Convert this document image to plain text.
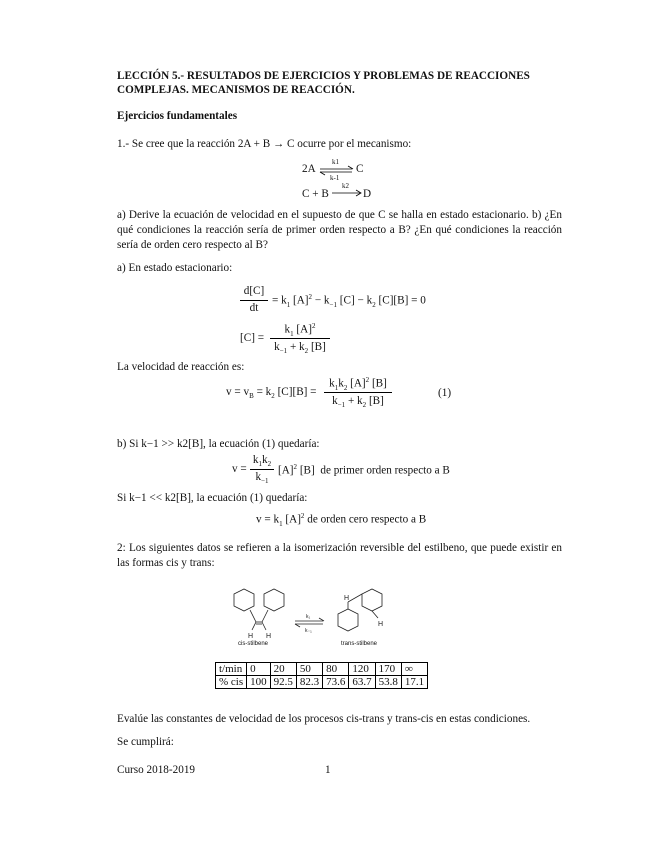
LECCIÓN 5.- RESULTADOS DE EJERCICIOS Y PROBLEMAS DE REACCIONES COMPLEJAS. MECANISMOS DE REACCIÓN.
Ejercicios fundamentales
1.- Se cree que la reacción 2A + B → C ocurre por el mecanismo:
2A ⇌
k1
k-1
C
C + B
k2
D
a) Derive la ecuación de velocidad en el supuesto de que C se halla en estado estacionario. b) ¿En qué condiciones la reacción sería de primer orden respecto a B? ¿En qué condiciones la reacción sería de orden cero respecto al B?
a) En estado estacionario:
d[C]
dt
= $k_1$ $[A]^2 - k_{-1}$ $[C] - k_2$ [C][B] = 0
[C] =
$k_1$ $[A]^2$
$k_{-1} + k_2$ [B]
La velocidad de reacción es:
$v = v_B = k_2$ [C][B] =
$k_1k_2$ $[A]^2$ [B]
$k_{-1} + k_2$ [B]
(1)
b) Si k−1 >> k2[B], la ecuación (1) quedaría:
v =
$k_1k_2$
$k_{-1}$
$[A]^2$ [B]  de primer orden respecto a B
Si k−1 << k2[B], la ecuación (1) quedaría:
$v = k_1$ $[A]^2$ de orden cero respecto a B
2: Los siguientes datos se refieren a la isomerización reversible del estilbeno, que puede existir en las formas cis y trans:
H H
H
H
k₁
k₋₁
cis-stilbene	trans-stilbene
t/min	0	20	50	80	120	170	∞
% cis	100	92.5	82.3	73.6	63.7	53.8	17.1
Evalúe las constantes de velocidad de los procesos cis-trans y trans-cis en estas condiciones.
Se cumplirá:
Curso 2018-2019	1
